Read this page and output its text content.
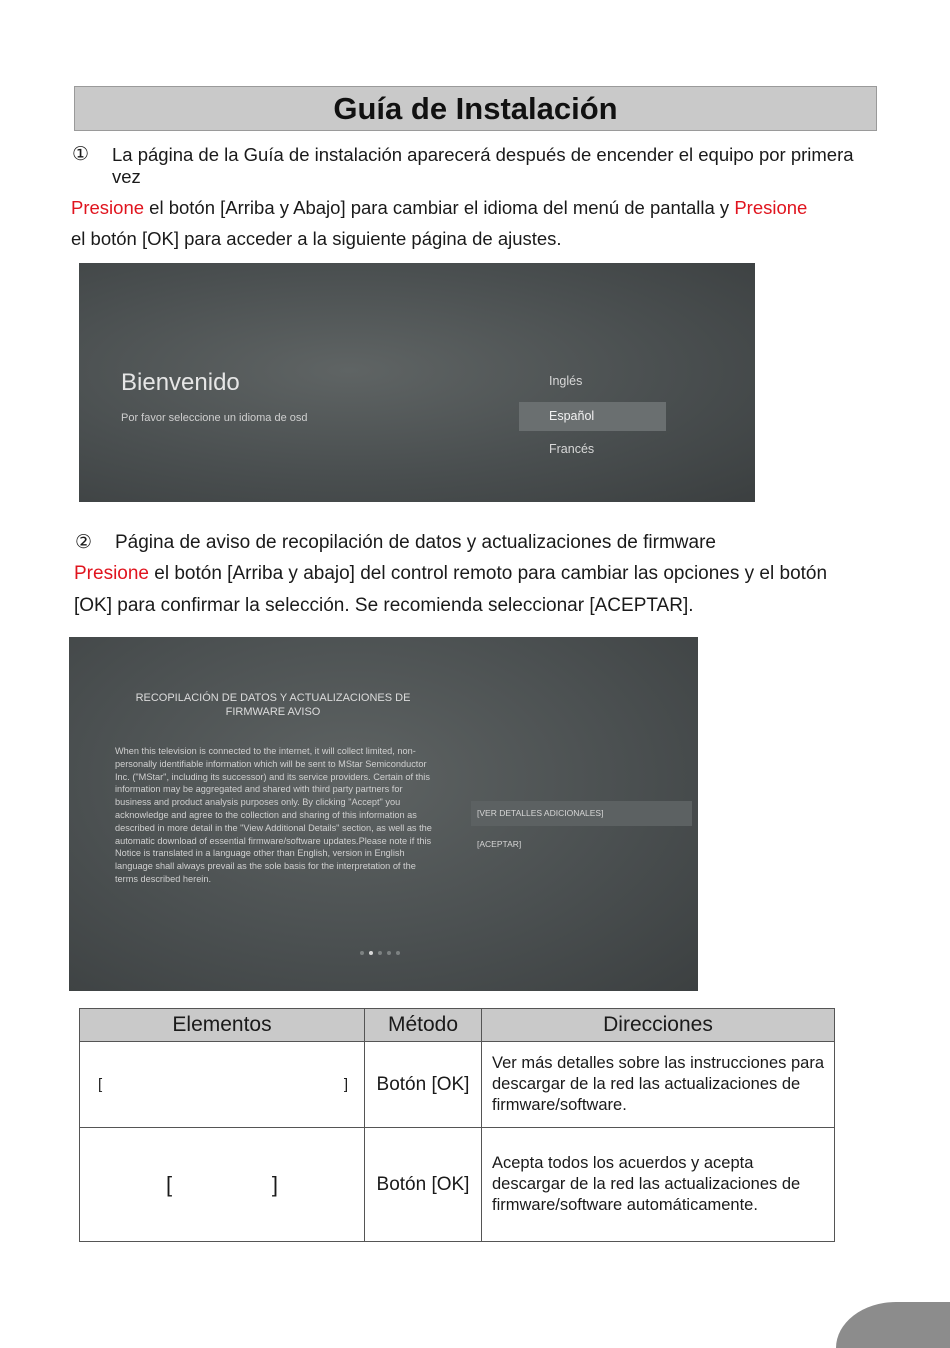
Guía de Instalación
①	La página de la Guía de instalación aparecerá después de encender el equipo por primera vez
Presione el botón [Arriba y Abajo] para cambiar el idioma del menú de pantalla y Presione
el botón [OK] para acceder a la siguiente página de ajustes.
Bienvenido
Por favor seleccione un idioma de osd
Inglés
Español
Francés
② Página de aviso de recopilación de datos y actualizaciones de firmware
Presione el botón [Arriba y abajo] del control remoto para cambiar las opciones y el botón
[OK] para confirmar la selección. Se recomienda seleccionar [ACEPTAR].
RECOPILACIÓN DE DATOS Y ACTUALIZACIONES DE FIRMWARE AVISO
When this television is connected to the internet, it will collect limited, non-personally identifiable information which will be sent to MStar Semiconductor Inc. ("MStar", including its successor) and its service providers. Certain of this information may be aggregated and shared with third party partners for business and product analysis purposes only. By clicking "Accept" you acknowledge and agree to the collection and sharing of this information as described in more detail in the "View Additional Details" section, as well as the automatic download of essential firmware/software updates.Please note if this Notice is translated in a language other than English, version in English language shall always prevail as the sole basis for the interpretation of the terms described herein.
[VER DETALLES ADICIONALES]
[ACEPTAR]
Elementos	Método	Direcciones

[ ]	Botón [OK]	Ver más detalles sobre las instrucciones para descargar de la red las actualizaciones de firmware/software.

[ ]	Botón [OK]	Acepta todos los acuerdos y acepta descargar de la red las actualizaciones de firmware/software automáticamente.
